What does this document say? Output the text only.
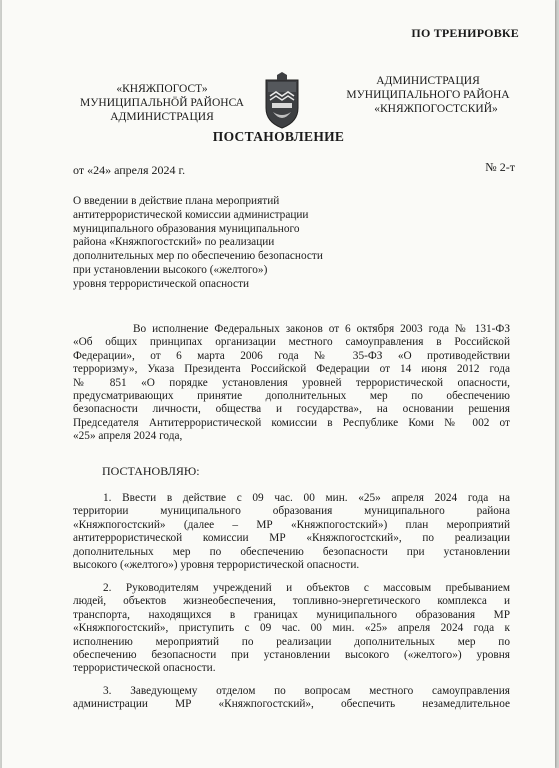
ПО ТРЕНИРОВКЕ
«КНЯЖПОГОСТ»
МУНИЦИПАЛЬНÖЙ РАЙОНСА
АДМИНИСТРАЦИЯ
АДМИНИСТРАЦИЯ
МУНИЦИПАЛЬНОГО РАЙОНА
«КНЯЖПОГОСТСКИЙ»
ПОСТАНОВЛЕНИЕ
от «24» апреля 2024 г.	№ 2-т
О введении в действие плана мероприятий
антитеррористической комиссии администрации
муниципального образования муниципального
района «Княжпогостский» по реализации
дополнительных мер по обеспечению безопасности
при установлении высокого («желтого»)
уровня террористической опасности
Во исполнение Федеральных законов от 6 октября 2003 года № 131-ФЗ
«Об общих принципах организации местного самоуправления в Российской
Федерации», от 6 марта 2006 года № 35-ФЗ «О противодействии
терроризму», Указа Президента Российской Федерации от 14 июня 2012 года
№ 851 «О порядке установления уровней террористической опасности,
предусматривающих принятие дополнительных мер по обеспечению
безопасности личности, общества и государства», на основании решения
Председателя Антитеррористической комиссии в Республике Коми № 002 от
«25» апреля 2024 года,
ПОСТАНОВЛЯЮ:
1. Ввести в действие с 09 час. 00 мин. «25» апреля 2024 года на
территории муниципального образования муниципального района
«Княжпогостский» (далее – МР «Княжпогостский») план мероприятий
антитеррористической комиссии МР «Княжпогостский», по реализации
дополнительных мер по обеспечению безопасности при установлении
высокого («желтого») уровня террористической опасности.
2. Руководителям учреждений и объектов с массовым пребыванием
людей, объектов жизнеобеспечения, топливно-энергетического комплекса и
транспорта, находящихся в границах муниципального образования МР
«Княжпогостский», приступить с 09 час. 00 мин. «25» апреля 2024 года к
исполнению мероприятий по реализации дополнительных мер по
обеспечению безопасности при установлении высокого («желтого») уровня
террористической опасности.
3. Заведующему отделом по вопросам местного самоуправления
администрации МР «Княжпогостский», обеспечить незамедлительное
